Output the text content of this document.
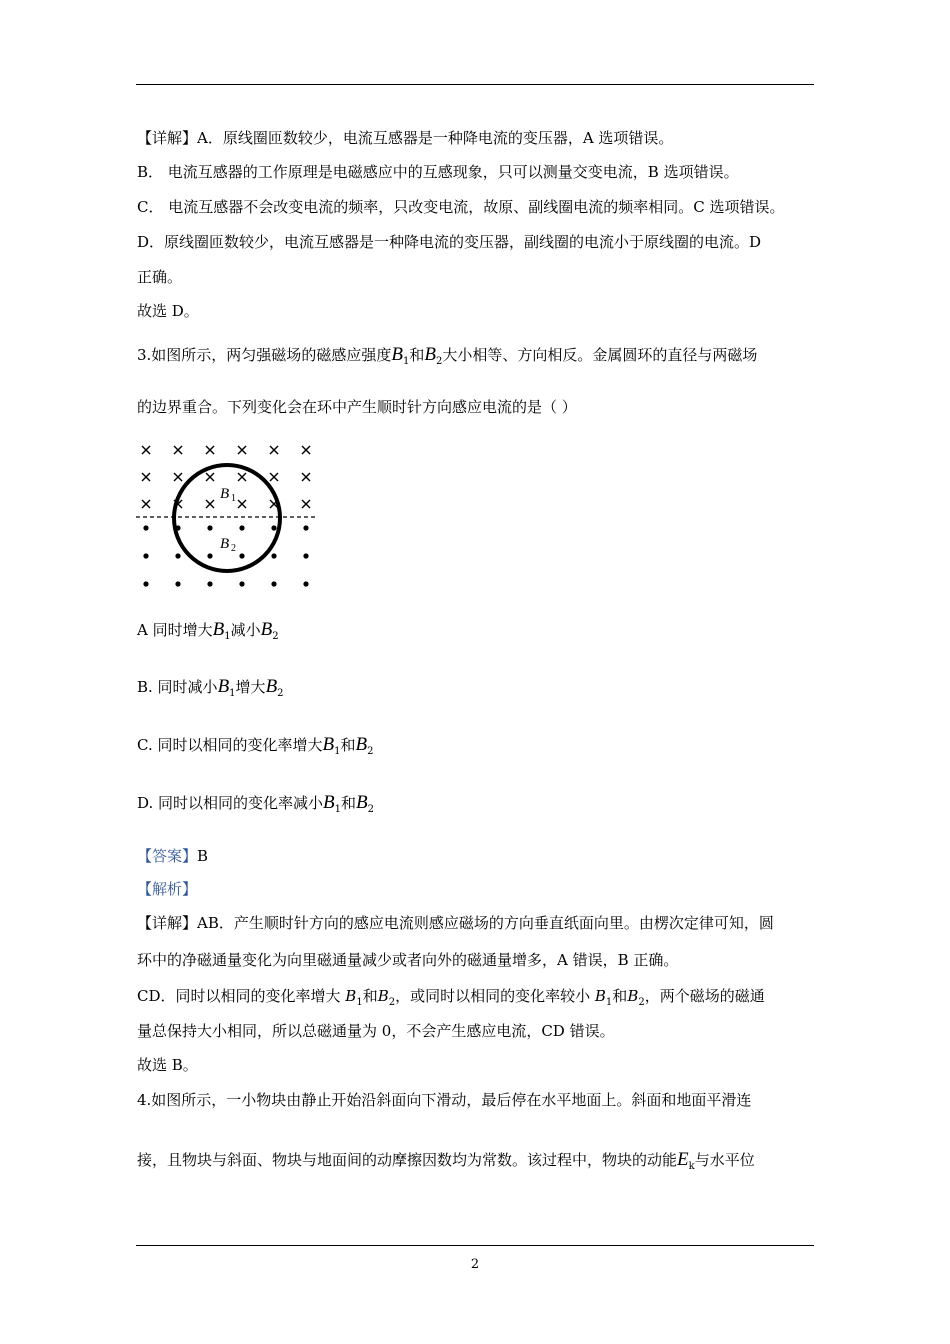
【详解】A．原线圈匝数较少，电流互感器是一种降电流的变压器，A 选项错误。
B． 电流互感器的工作原理是电磁感应中的互感现象，只可以测量交变电流，B 选项错误。
C． 电流互感器不会改变电流的频率，只改变电流，故原、副线圈电流的频率相同。C 选项错误。
D．原线圈匝数较少，电流互感器是一种降电流的变压器，副线圈的电流小于原线圈的电流。D
正确。
故选 D。
3.如图所示，两匀强磁场的磁感应强度$B_1$和$B_2$大小相等、方向相反。金属圆环的直径与两磁场
的边界重合。下列变化会在环中产生顺时针方向感应电流的是（ ）
B 1
B 2
A 同时增大$B_1$减小$B_2$
B. 同时减小$B_1$增大$B_2$
C. 同时以相同的变化率增大$B_1$和$B_2$
D. 同时以相同的变化率减小$B_1$和$B_2$
【答案】B
【解析】
【详解】AB．产生顺时针方向的感应电流则感应磁场的方向垂直纸面向里。由楞次定律可知，圆
环中的净磁通量变化为向里磁通量减少或者向外的磁通量增多，A 错误，B 正确。
CD．同时以相同的变化率增大 $B_1$和$B_2$，或同时以相同的变化率较小 $B_1$和$B_2$，两个磁场的磁通
量总保持大小相同，所以总磁通量为 0，不会产生感应电流，CD 错误。
故选 B。
4.如图所示，一小物块由静止开始沿斜面向下滑动，最后停在水平地面上。斜面和地面平滑连
接，且物块与斜面、物块与地面间的动摩擦因数均为常数。该过程中，物块的动能$E_k$与水平位
2
